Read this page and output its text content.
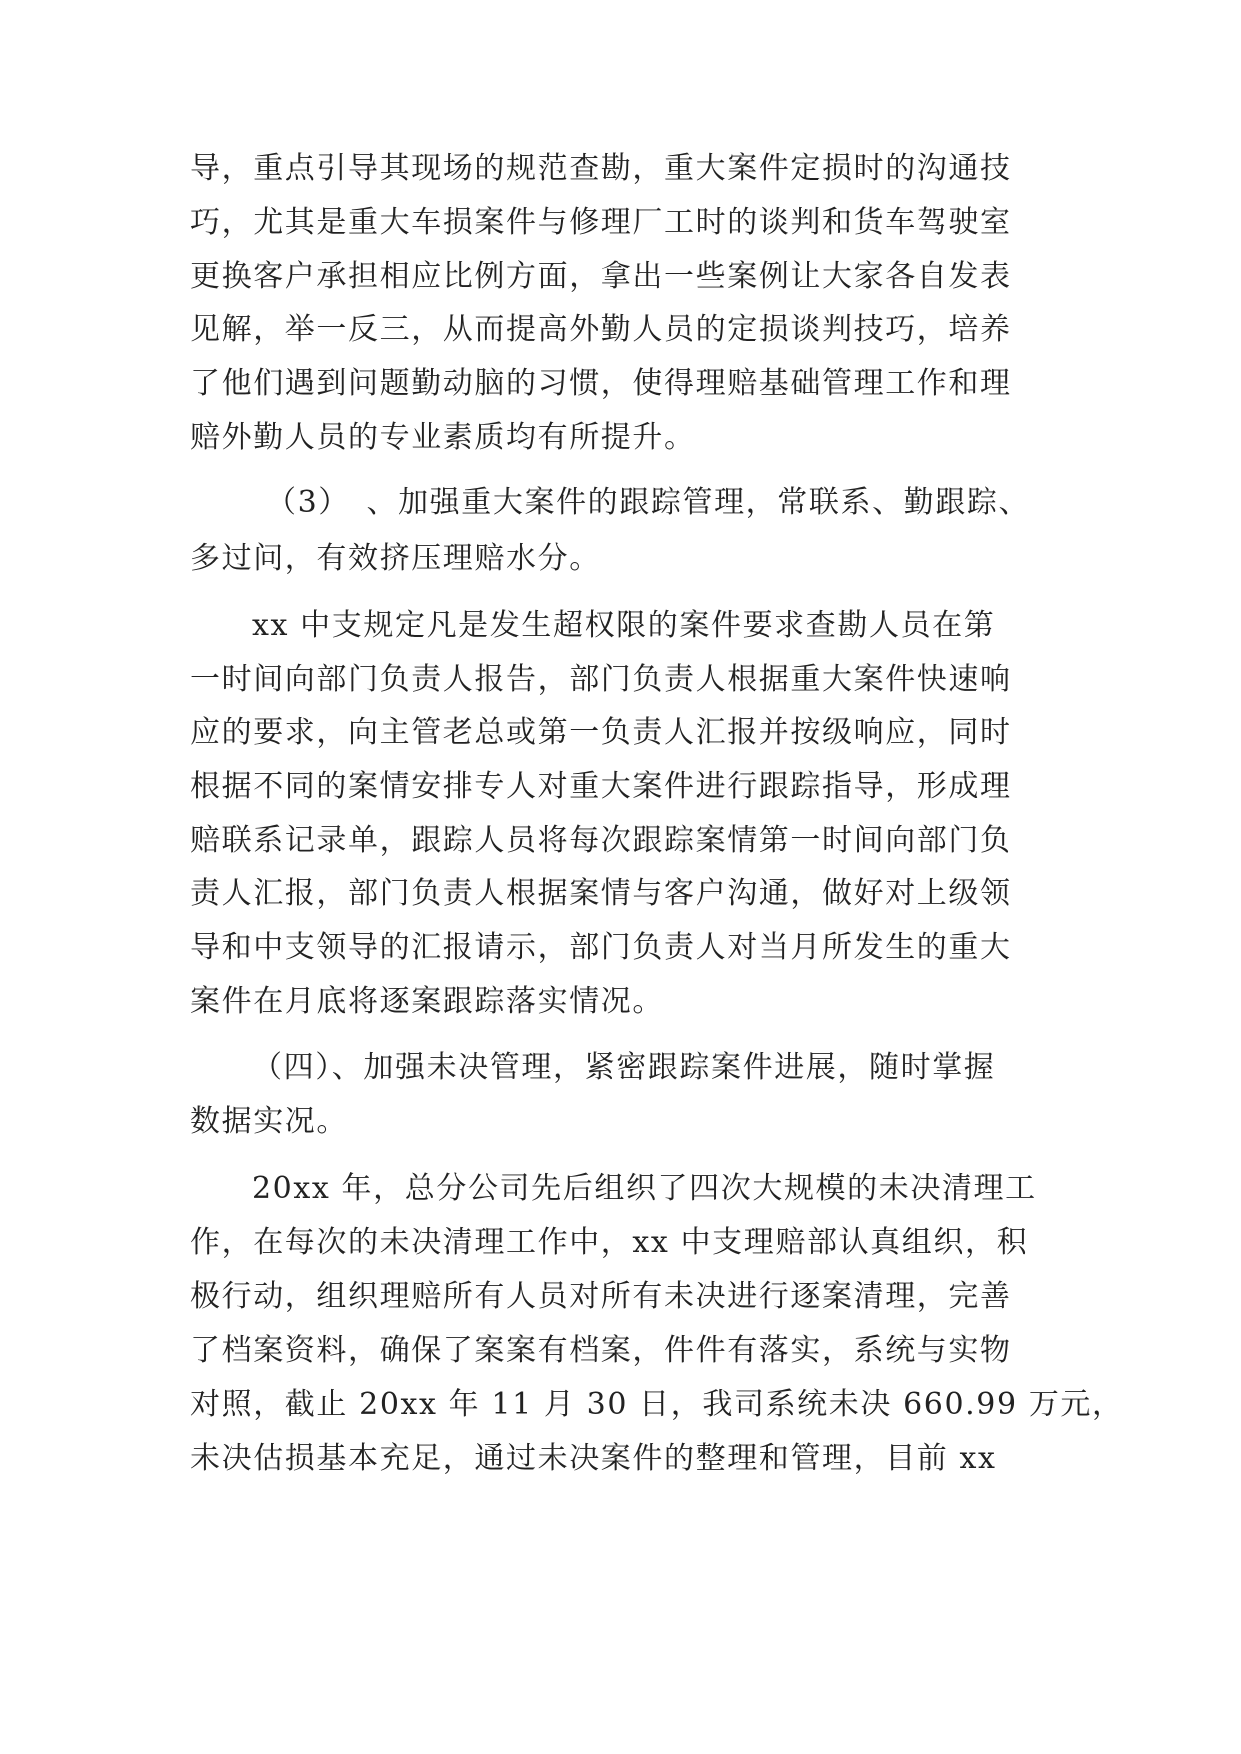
导，重点引导其现场的规范查勘，重大案件定损时的沟通技
巧，尤其是重大车损案件与修理厂工时的谈判和货车驾驶室
更换客户承担相应比例方面，拿出一些案例让大家各自发表
见解，举一反三，从而提高外勤人员的定损谈判技巧，培养
了他们遇到问题勤动脑的习惯，使得理赔基础管理工作和理
赔外勤人员的专业素质均有所提升。
（3）　、加强重大案件的跟踪管理，常联系、勤跟踪、
多过问，有效挤压理赔水分。
xx 中支规定凡是发生超权限的案件要求查勘人员在第
一时间向部门负责人报告，部门负责人根据重大案件快速响
应的要求，向主管老总或第一负责人汇报并按级响应，同时
根据不同的案情安排专人对重大案件进行跟踪指导，形成理
赔联系记录单，跟踪人员将每次跟踪案情第一时间向部门负
责人汇报，部门负责人根据案情与客户沟通，做好对上级领
导和中支领导的汇报请示，部门负责人对当月所发生的重大
案件在月底将逐案跟踪落实情况。
（四）、加强未决管理，紧密跟踪案件进展，随时掌握
数据实况。
20xx 年，总分公司先后组织了四次大规模的未决清理工
作，在每次的未决清理工作中，xx 中支理赔部认真组织，积
极行动，组织理赔所有人员对所有未决进行逐案清理，完善
了档案资料，确保了案案有档案，件件有落实，系统与实物
对照，截止 20xx 年 11 月 30 日，我司系统未决 660.99 万元，
未决估损基本充足，通过未决案件的整理和管理，目前 xx
